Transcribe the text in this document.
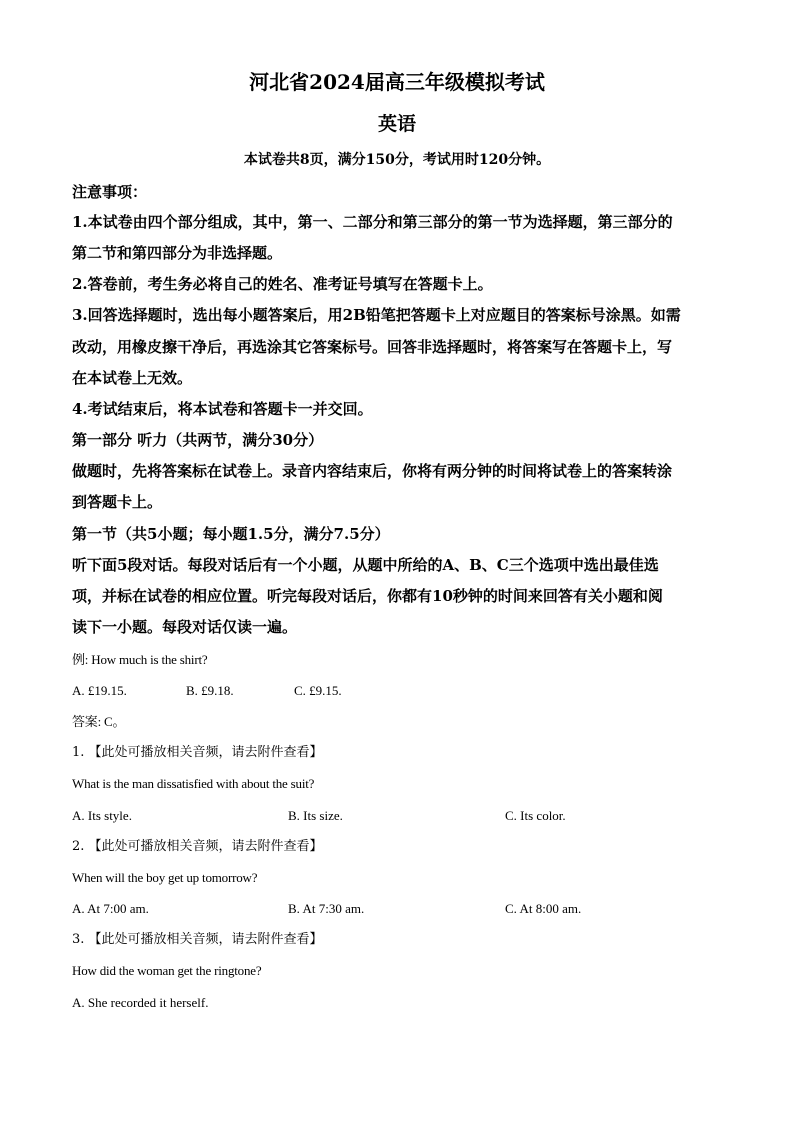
河北省2024届高三年级模拟考试
英语
本试卷共8页，满分150分，考试用时120分钟。
注意事项：
1.本试卷由四个部分组成，其中，第一、二部分和第三部分的第一节为选择题，第三部分的
第二节和第四部分为非选择题。
2.答卷前，考生务必将自己的姓名、准考证号填写在答题卡上。
3.回答选择题时，选出每小题答案后，用2B铅笔把答题卡上对应题目的答案标号涂黑。如需
改动，用橡皮擦干净后，再选涂其它答案标号。回答非选择题时，将答案写在答题卡上，写
在本试卷上无效。
4.考试结束后，将本试卷和答题卡一并交回。
第一部分 听力（共两节，满分30分）
做题时，先将答案标在试卷上。录音内容结束后，你将有两分钟的时间将试卷上的答案转涂
到答题卡上。
第一节（共5小题；每小题1.5分，满分7.5分）
听下面5段对话。每段对话后有一个小题，从题中所给的A、B、C三个选项中选出最佳选
项，并标在试卷的相应位置。听完每段对话后，你都有10秒钟的时间来回答有关小题和阅
读下一小题。每段对话仅读一遍。
例: How much is the shirt?
A. £19.15.	B. £9.18.	C. £9.15.
答案: C。
1. 【此处可播放相关音频，请去附件查看】
What is the man dissatisfied with about the suit?
A. Its style.	B. Its size.	C. Its color.
2. 【此处可播放相关音频，请去附件查看】
When will the boy get up tomorrow?
A. At 7:00 am.	B. At 7:30 am.	C. At 8:00 am.
3. 【此处可播放相关音频，请去附件查看】
How did the woman get the ringtone?
A. She recorded it herself.
